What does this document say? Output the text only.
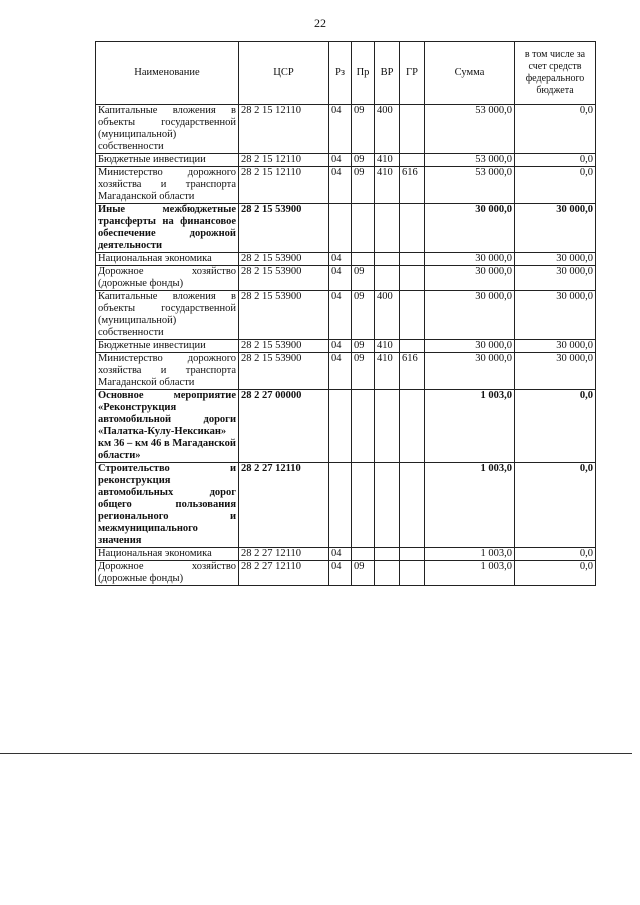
22
Наименование	ЦСР	Рз	Пр	ВР	ГР	Сумма	в том числе за счет средств федерального бюджета
Капитальные вложения в объекты государственной (муниципальной) собственности	28 2 15 12110	04	09	400		53 000,0	0,0
Бюджетные инвестиции	28 2 15 12110	04	09	410		53 000,0	0,0
Министерство дорожного хозяйства и транспорта Магаданской области	28 2 15 12110	04	09	410	616	53 000,0	0,0
Иные межбюджетные трансферты на финансовое обеспечение дорожной деятельности	28 2 15 53900					30 000,0	30 000,0
Национальная экономика	28 2 15 53900	04				30 000,0	30 000,0
Дорожное хозяйство (дорожные фонды)	28 2 15 53900	04	09			30 000,0	30 000,0
Капитальные вложения в объекты государственной (муниципальной) собственности	28 2 15 53900	04	09	400		30 000,0	30 000,0
Бюджетные инвестиции	28 2 15 53900	04	09	410		30 000,0	30 000,0
Министерство дорожного хозяйства и транспорта Магаданской области	28 2 15 53900	04	09	410	616	30 000,0	30 000,0
Основное мероприятие «Реконструкция автомобильной дороги «Палатка-Кулу-Нексикан» км 36 – км 46 в Магаданской области»	28 2 27 00000					1 003,0	0,0
Строительство и реконструкция автомобильных дорог общего пользования регионального и межмуниципального значения	28 2 27 12110					1 003,0	0,0
Национальная экономика	28 2 27 12110	04				1 003,0	0,0
Дорожное хозяйство (дорожные фонды)	28 2 27 12110	04	09			1 003,0	0,0
